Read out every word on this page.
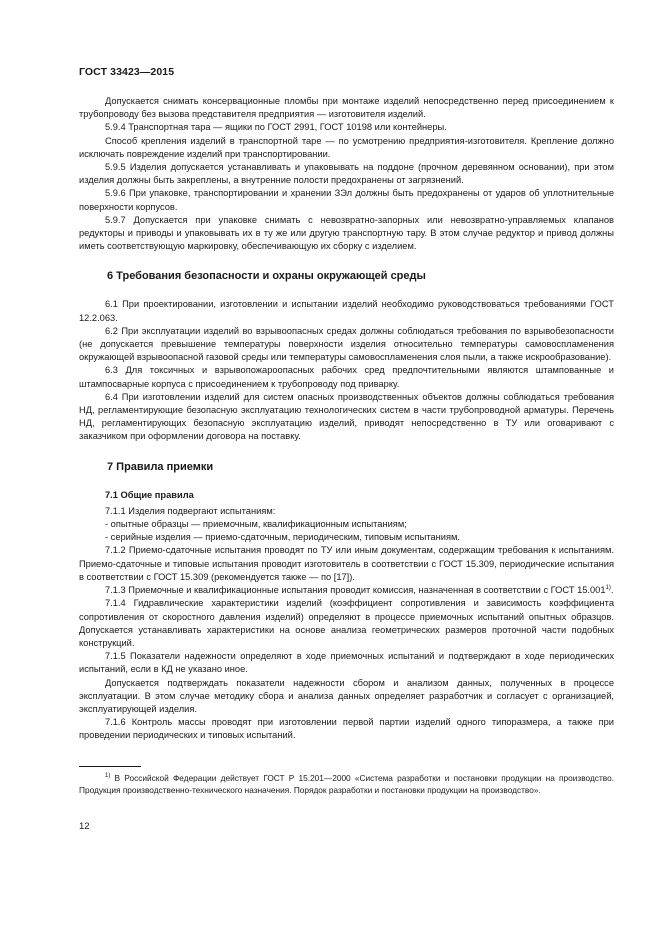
ГОСТ 33423—2015

Допускается снимать консервационные пломбы при монтаже изделий непосредственно перед присоединением к трубопроводу без вызова представителя предприятия — изготовителя изделий.

5.9.4 Транспортная тара — ящики по ГОСТ 2991, ГОСТ 10198 или контейнеры.

Способ крепления изделий в транспортной таре — по усмотрению предприятия-изготовителя. Крепление должно исключать повреждение изделий при транспортировании.

5.9.5 Изделия допускается устанавливать и упаковывать на поддоне (прочном деревянном основании), при этом изделия должны быть закреплены, а внутренние полости предохранены от загрязнений.

5.9.6 При упаковке, транспортировании и хранении ЗЭл должны быть предохранены от ударов об уплотнительные поверхности корпусов.

5.9.7 Допускается при упаковке снимать с невозвратно-запорных или невозвратно-управляемых клапанов редукторы и приводы и упаковывать их в ту же или другую транспортную тару. В этом случае редуктор и привод должны иметь соответствующую маркировку, обеспечивающую их сборку с изделием.

6 Требования безопасности и охраны окружающей среды

6.1 При проектировании, изготовлении и испытании изделий необходимо руководствоваться требованиями ГОСТ 12.2.063.

6.2 При эксплуатации изделий во взрывоопасных средах должны соблюдаться требования по взрывобезопасности (не допускается превышение температуры поверхности изделия относительно температуры самовоспламенения окружающей взрывоопасной газовой среды или температуры самовоспламенения слоя пыли, а также искрообразование).

6.3 Для токсичных и взрывопожароопасных рабочих сред предпочтительными являются штампованные и штампосварные корпуса с присоединением к трубопроводу под приварку.

6.4 При изготовлении изделий для систем опасных производственных объектов должны соблюдаться требования НД, регламентирующие безопасную эксплуатацию технологических систем в части трубопроводной арматуры. Перечень НД, регламентирующих безопасную эксплуатацию изделий, приводят непосредственно в ТУ или оговаривают с заказчиком при оформлении договора на поставку.

7 Правила приемки
7.1 Общие правила

7.1.1 Изделия подвергают испытаниям:

- опытные образцы — приемочным, квалификационным испытаниям;

- серийные изделия — приемо-сдаточным, периодическим, типовым испытаниям.

7.1.2 Приемо-сдаточные испытания проводят по ТУ или иным документам, содержащим требования к испытаниям. Приемо-сдаточные и типовые испытания проводит изготовитель в соответствии с ГОСТ 15.309, периодические испытания в соответствии с ГОСТ 15.309 (рекомендуется также — по [17]).

7.1.3 Приемочные и квалификационные испытания проводит комиссия, назначенная в соответствии с ГОСТ 15.001$^{1)}$.

7.1.4 Гидравлические характеристики изделий (коэффициент сопротивления и зависимость коэффициента сопротивления от скоростного давления изделий) определяют в процессе приемочных испытаний опытных образцов. Допускается устанавливать характеристики на основе анализа геометрических размеров проточной части подобных конструкций.

7.1.5 Показатели надежности определяют в ходе приемочных испытаний и подтверждают в ходе периодических испытаний, если в КД не указано иное.

Допускается подтверждать показатели надежности сбором и анализом данных, полученных в процессе эксплуатации. В этом случае методику сбора и анализа данных определяет разработчик и согласует с организацией, эксплуатирующей изделия.

7.1.6 Контроль массы проводят при изготовлении первой партии изделий одного типоразмера, а также при проведении периодических и типовых испытаний.

$^{1)}$ В Российской Федерации действует ГОСТ Р 15.201—2000 «Система разработки и постановки продукции на производство. Продукция производственно-технического назначения. Порядок разработки и постановки продукции на производство».

12
